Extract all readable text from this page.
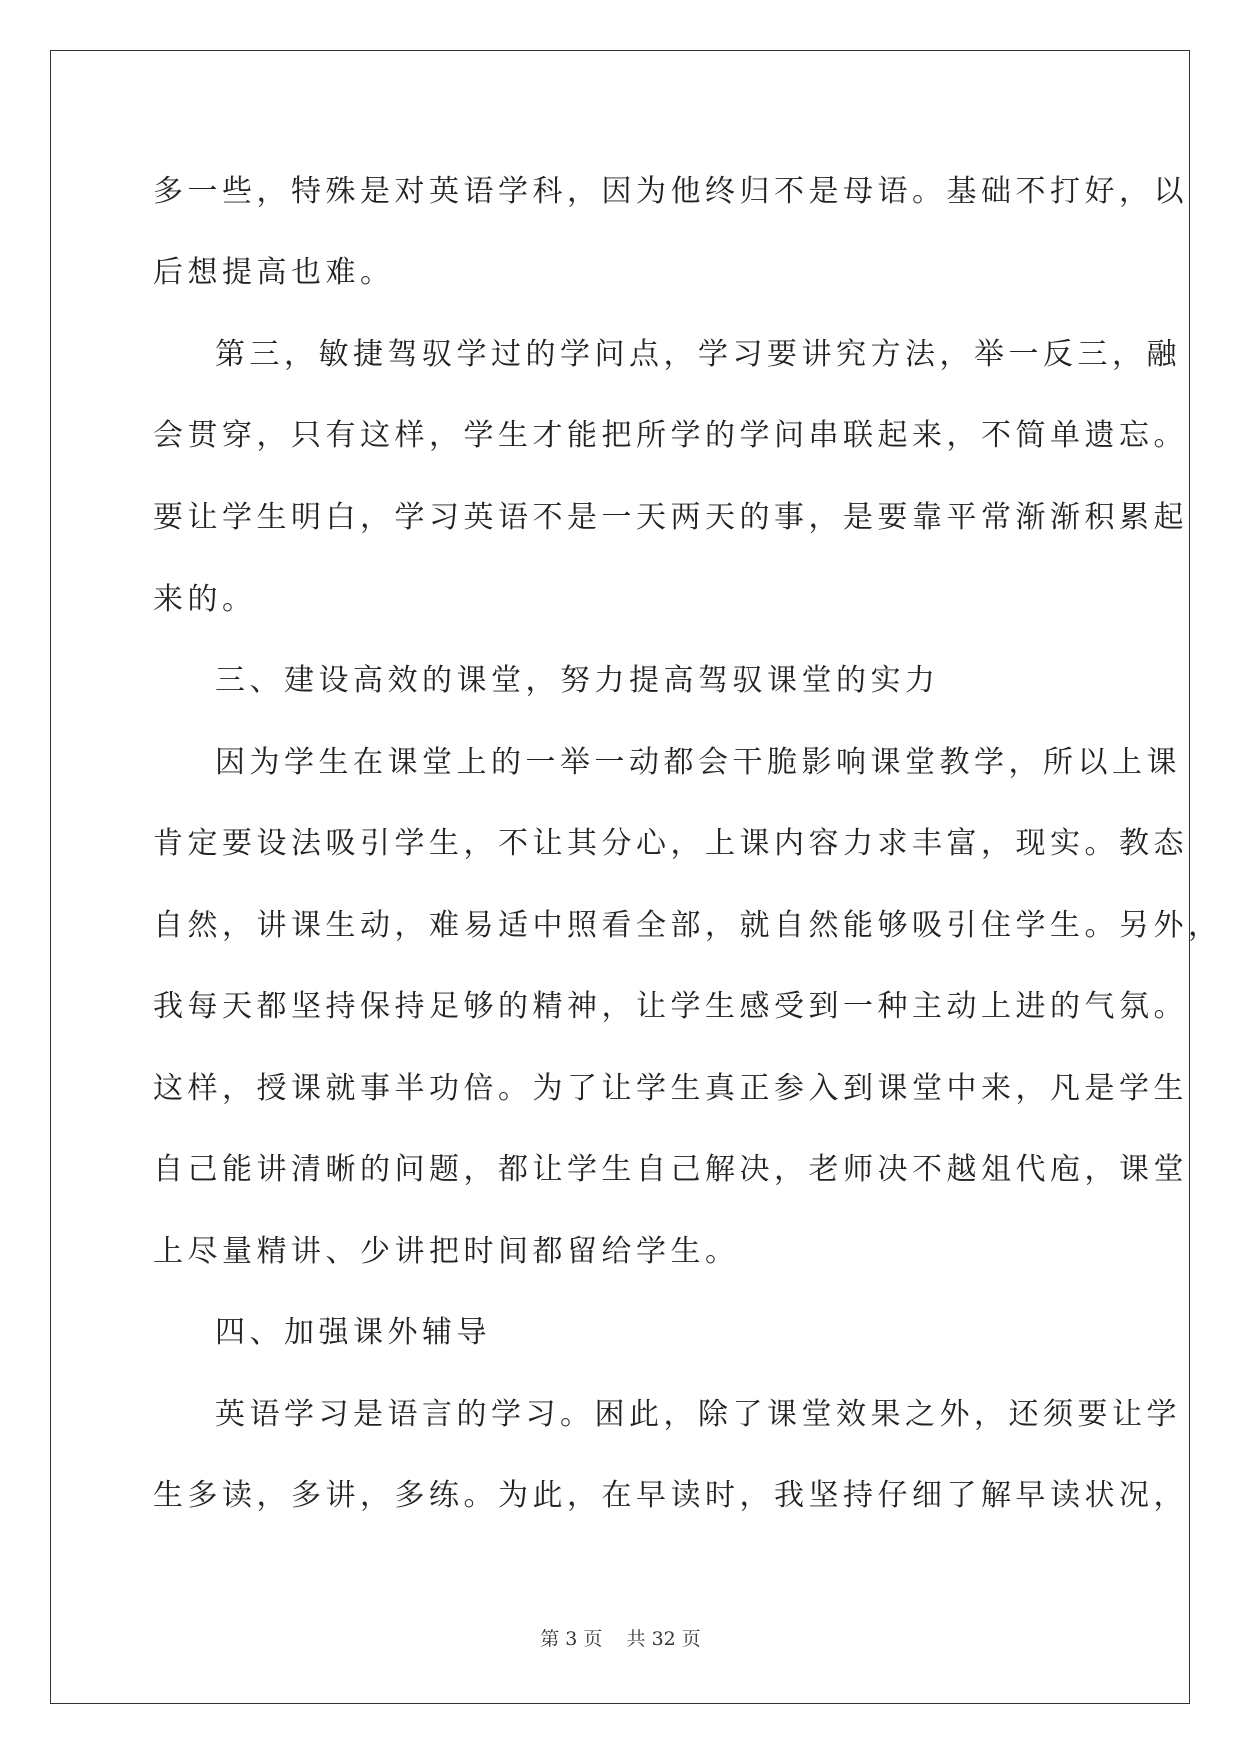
多一些，特殊是对英语学科，因为他终归不是母语。基础不打好，以
后想提高也难。
第三，敏捷驾驭学过的学问点，学习要讲究方法，举一反三，融
会贯穿，只有这样，学生才能把所学的学问串联起来，不简单遗忘。
要让学生明白，学习英语不是一天两天的事，是要靠平常渐渐积累起
来的。
三、建设高效的课堂，努力提高驾驭课堂的实力
因为学生在课堂上的一举一动都会干脆影响课堂教学，所以上课
肯定要设法吸引学生，不让其分心，上课内容力求丰富，现实。教态
自然，讲课生动，难易适中照看全部，就自然能够吸引住学生。另外，
我每天都坚持保持足够的精神，让学生感受到一种主动上进的气氛。
这样，授课就事半功倍。为了让学生真正参入到课堂中来，凡是学生
自己能讲清晰的问题，都让学生自己解决，老师决不越俎代庖，课堂
上尽量精讲、少讲把时间都留给学生。
四、加强课外辅导
英语学习是语言的学习。困此，除了课堂效果之外，还须要让学
生多读，多讲，多练。为此，在早读时，我坚持仔细了解早读状况，
第 3 页    共 32 页
